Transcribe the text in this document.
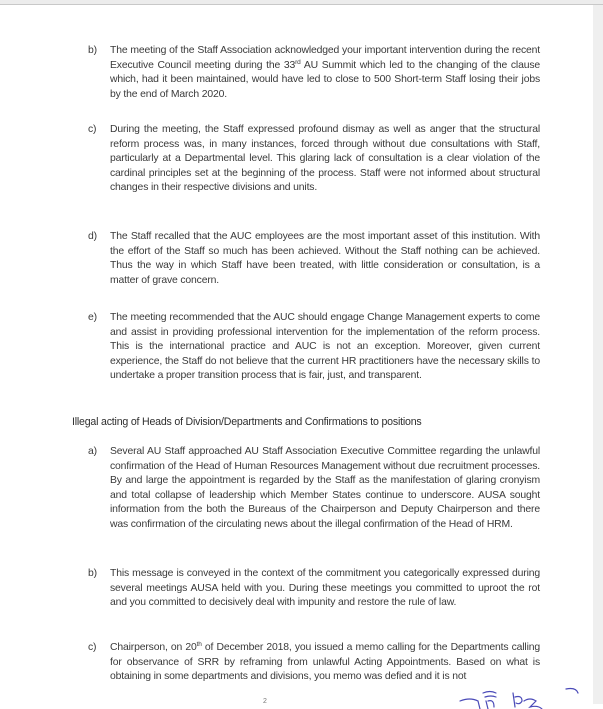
b)	The meeting of the Staff Association acknowledged your important intervention during the recent Executive Council meeting during the 33rd AU Summit which led to the changing of the clause which, had it been maintained, would have led to close to 500 Short-term Staff losing their jobs by the end of March 2020.
c)	During the meeting, the Staff expressed profound dismay as well as anger that the structural reform process was, in many instances, forced through without due consultations with Staff, particularly at a Departmental level. This glaring lack of consultation is a clear violation of the cardinal principles set at the beginning of the process. Staff were not informed about structural changes in their respective divisions and units.
d)	The Staff recalled that the AUC employees are the most important asset of this institution. With the effort of the Staff so much has been achieved. Without the Staff nothing can be achieved. Thus the way in which Staff have been treated, with little consideration or consultation, is a matter of grave concern.
e)	The meeting recommended that the AUC should engage Change Management experts to come and assist in providing professional intervention for the implementation of the reform process. This is the international practice and AUC is not an exception. Moreover, given current experience, the Staff do not believe that the current HR practitioners have the necessary skills to undertake a proper transition process that is fair, just, and transparent.
Illegal acting of Heads of Division/Departments and Confirmations to positions
a)	Several AU Staff approached AU Staff Association Executive Committee regarding the unlawful confirmation of the Head of Human Resources Management without due recruitment processes. By and large the appointment is regarded by the Staff as the manifestation of glaring cronyism and total collapse of leadership which Member States continue to underscore. AUSA sought information from the both the Bureaus of the Chairperson and Deputy Chairperson and there was confirmation of the circulating news about the illegal confirmation of the Head of HRM.
b)	This message is conveyed in the context of the commitment you categorically expressed during several meetings AUSA held with you. During these meetings you committed to uproot the rot and you committed to decisively deal with impunity and restore the rule of law.
c)	Chairperson, on 20th of December 2018, you issued a memo calling for the Departments calling for observance of SRR by reframing from unlawful Acting Appointments. Based on what is obtaining in some departments and divisions, you memo was defied and it is not
2
